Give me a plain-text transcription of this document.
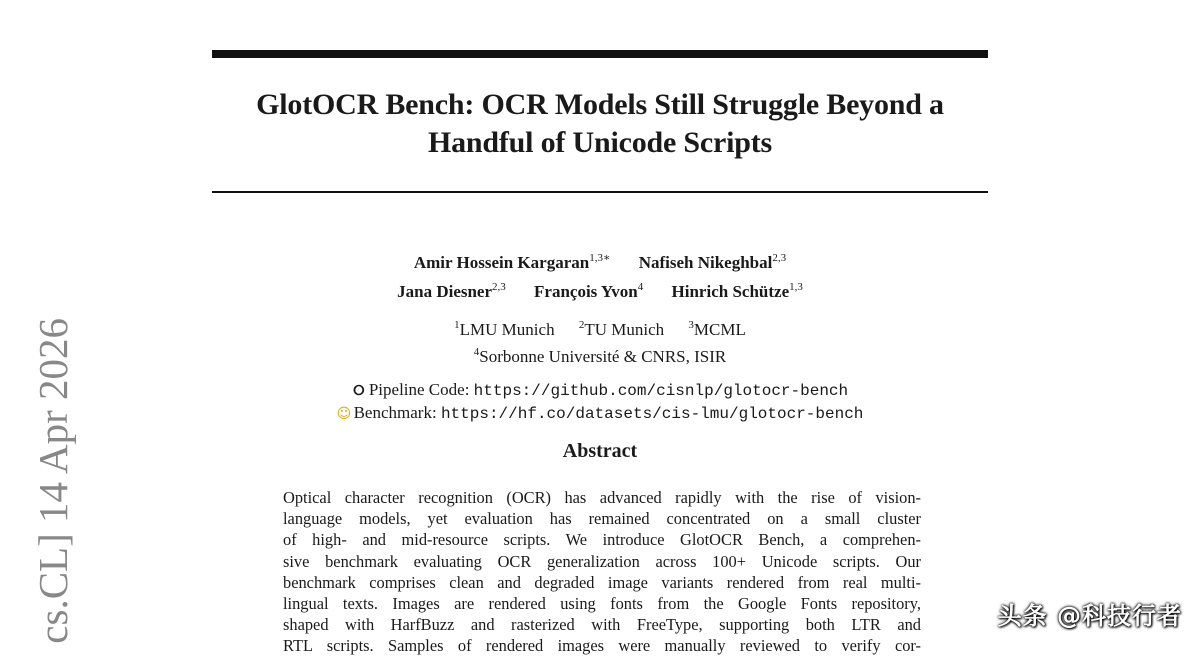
GlotOCR Bench: OCR Models Still Struggle Beyond a
Handful of Unicode Scripts
Amir Hossein Kargaran$^{1,3∗}$ Nafiseh Nikeghbal$^{2,3}$
Jana Diesner$^{2,3}$ François Yvon$^4$ Hinrich Schütze$^{1,3}$
$^1$LMU Munich $^2$TU Munich $^3$MCML
$^4$Sorbonne Université & CNRS, ISIR
⭘ Pipeline Code: https://github.com/cisnlp/glotocr-bench
☺ Benchmark: https://hf.co/datasets/cis-lmu/glotocr-bench
Abstract
Optical character recognition (OCR) has advanced rapidly with the rise of vision-
language models, yet evaluation has remained concentrated on a small cluster
of high- and mid-resource scripts. We introduce GlotOCR Bench, a comprehen-
sive benchmark evaluating OCR generalization across 100+ Unicode scripts. Our
benchmark comprises clean and degraded image variants rendered from real multi-
lingual texts. Images are rendered using fonts from the Google Fonts repository,
shaped with HarfBuzz and rasterized with FreeType, supporting both LTR and
RTL scripts. Samples of rendered images were manually reviewed to verify cor-
cs.CL] 14 Apr 2026	头条 @科技行者
